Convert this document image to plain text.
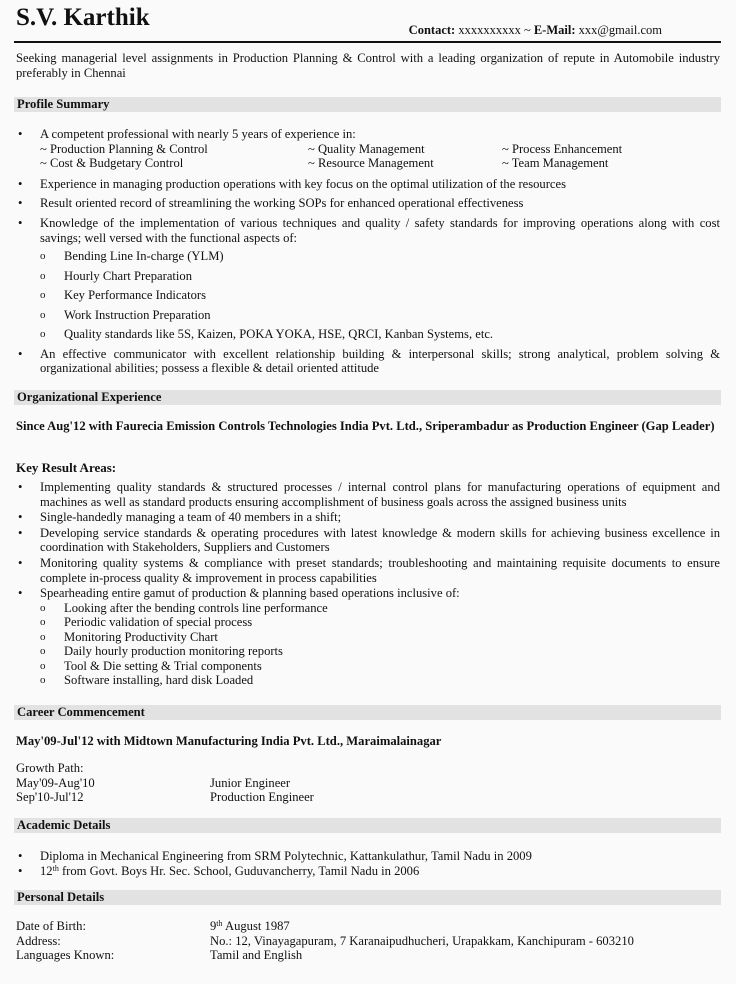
S.V. Karthik	Contact: xxxxxxxxxx ~ E-Mail: xxx@gmail.com
Seeking managerial level assignments in Production Planning & Control with a leading organization of repute in Automobile industry preferably in Chennai
Profile Summary
• A competent professional with nearly 5 years of experience in:
~ Production Planning & Control	~ Quality Management	~ Process Enhancement
~ Cost & Budgetary Control	~ Resource Management	~ Team Management
• Experience in managing production operations with key focus on the optimal utilization of the resources
• Result oriented record of streamlining the working SOPs for enhanced operational effectiveness
• Knowledge of the implementation of various techniques and quality / safety standards for improving operations along with cost savings; well versed with the functional aspects of:
o Bending Line In-charge (YLM)
o Hourly Chart Preparation
o Key Performance Indicators
o Work Instruction Preparation
o Quality standards like 5S, Kaizen, POKA YOKA, HSE, QRCI, Kanban Systems, etc.
• An effective communicator with excellent relationship building & interpersonal skills; strong analytical, problem solving & organizational abilities; possess a flexible & detail oriented attitude
Organizational Experience
Since Aug'12 with Faurecia Emission Controls Technologies India Pvt. Ltd., Sriperambadur as Production Engineer (Gap Leader)
Key Result Areas:
• Implementing quality standards & structured processes / internal control plans for manufacturing operations of equipment and machines as well as standard products ensuring accomplishment of business goals across the assigned business units
• Single-handedly managing a team of 40 members in a shift;
• Developing service standards & operating procedures with latest knowledge & modern skills for achieving business excellence in coordination with Stakeholders, Suppliers and Customers
• Monitoring quality systems & compliance with preset standards; troubleshooting and maintaining requisite documents to ensure complete in-process quality & improvement in process capabilities
• Spearheading entire gamut of production & planning based operations inclusive of:
o Looking after the bending controls line performance
o Periodic validation of special process
o Monitoring Productivity Chart
o Daily hourly production monitoring reports
o Tool & Die setting & Trial components
o Software installing, hard disk Loaded
Career Commencement
May'09-Jul'12 with Midtown Manufacturing India Pvt. Ltd., Maraimalainagar
Growth Path:
May'09-Aug'10	Junior Engineer
Sep'10-Jul'12	Production Engineer
Academic Details
• Diploma in Mechanical Engineering from SRM Polytechnic, Kattankulathur, Tamil Nadu in 2009
• 12th from Govt. Boys Hr. Sec. School, Guduvancherry, Tamil Nadu in 2006
Personal Details
Date of Birth:	9th August 1987
Address:	No.: 12, Vinayagapuram, 7 Karanaipudhucheri, Urapakkam, Kanchipuram - 603210
Languages Known:	Tamil and English
